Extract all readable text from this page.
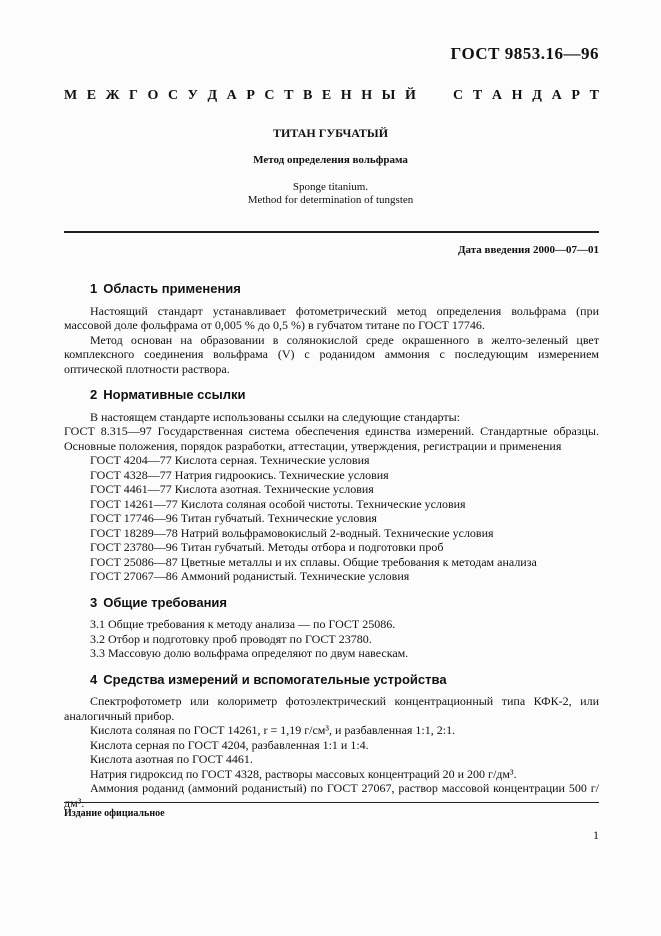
ГОСТ 9853.16—96
М Е Ж Г О С У Д А Р С Т В Е Н Н Ы Й	С Т А Н Д А Р Т
ТИТАН ГУБЧАТЫЙ
Метод определения вольфрама
Sponge titanium.
Method for determination of tungsten
Дата введения 2000—07—01
1 Область применения

Настоящий стандарт устанавливает фотометрический метод определения вольфрама (при массовой доле фольфрама от 0,005 % до 0,5 %) в губчатом титане по ГОСТ 17746.

Метод основан на образовании в солянокислой среде окрашенного в желто-зеленый цвет комплексного соединения вольфрама (V) с роданидом аммония с последующим измерением оптической плотности раствора.

2 Нормативные ссылки

В настоящем стандарте использованы ссылки на следующие стандарты:

ГОСТ 8.315—97 Государственная система обеспечения единства измерений. Стандартные образцы. Основные положения, порядок разработки, аттестации, утверждения, регистрации и применения

ГОСТ 4204—77 Кислота серная. Технические условия

ГОСТ 4328—77 Натрия гидроокись. Технические условия

ГОСТ 4461—77 Кислота азотная. Технические условия

ГОСТ 14261—77 Кислота соляная особой чистоты. Технические условия

ГОСТ 17746—96 Титан губчатый. Технические условия

ГОСТ 18289—78 Натрий вольфрамовокислый 2-водный. Технические условия

ГОСТ 23780—96 Титан губчатый. Методы отбора и подготовки проб

ГОСТ 25086—87 Цветные металлы и их сплавы. Общие требования к методам анализа

ГОСТ 27067—86 Аммоний роданистый. Технические условия

3 Общие требования

3.1 Общие требования к методу анализа — по ГОСТ 25086.

3.2 Отбор и подготовку проб проводят по ГОСТ 23780.

3.3 Массовую долю вольфрама определяют по двум навескам.

4 Средства измерений и вспомогательные устройства

Спектрофотометр или колориметр фотоэлектрический концентрационный типа КФК-2, или аналогичный прибор.

Кислота соляная по ГОСТ 14261, r = 1,19 г/см³, и разбавленная 1:1, 2:1.

Кислота серная по ГОСТ 4204, разбавленная 1:1 и 1:4.

Кислота азотная по ГОСТ 4461.

Натрия гидроксид по ГОСТ 4328, растворы массовых концентраций 20 и 200 г/дм³.

Аммония роданид (аммоний роданистый) по ГОСТ 27067, раствор массовой концентрации 500 г/дм³.

Издание официальное
1
